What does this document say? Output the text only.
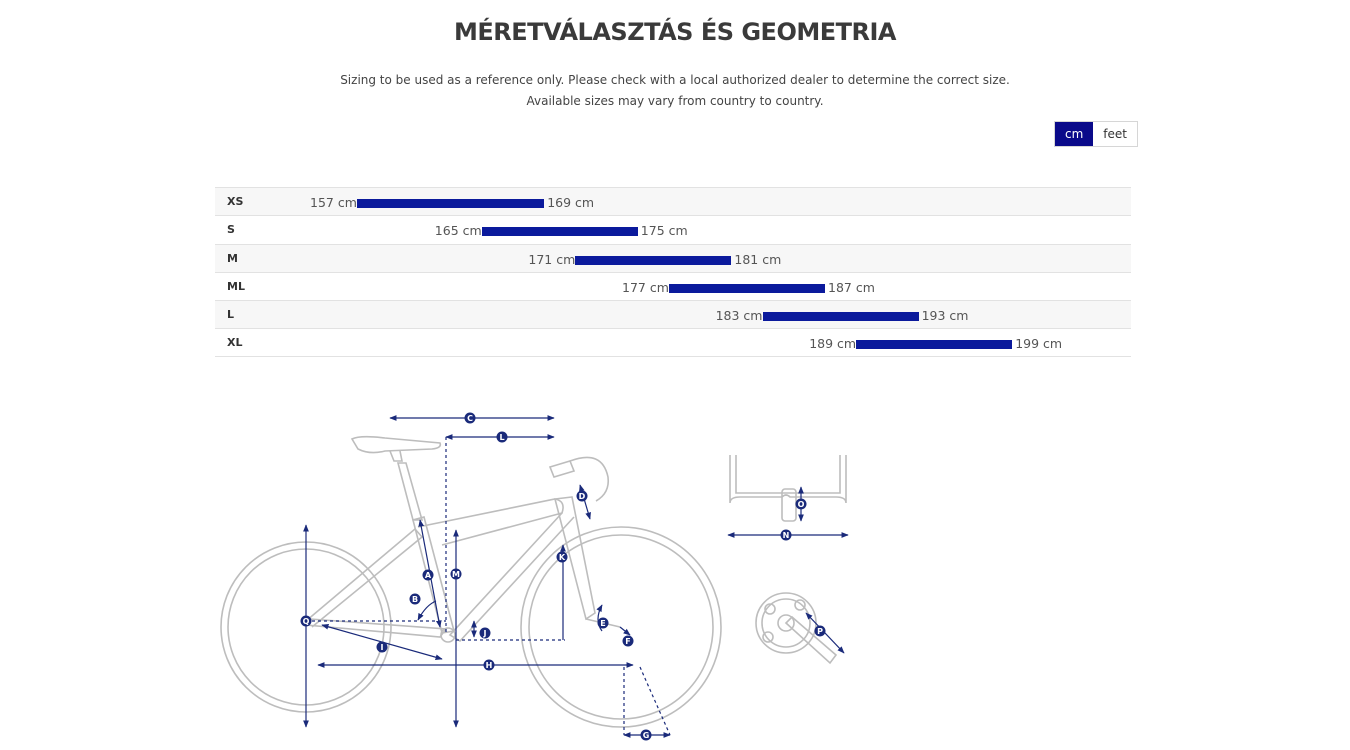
MÉRETVÁLASZTÁS ÉS GEOMETRIA
Sizing to be used as a reference only. Please check with a local authorized dealer to determine the correct size.
Available sizes may vary from country to country.
cm	feet
XS	157 cm	169 cm
S	165 cm	175 cm
M	171 cm	181 cm
ML	177 cm	187 cm
L	183 cm	193 cm
XL	189 cm	199 cm
C
L
D
K
A	M
B
Q	E
J
F
I
H
G
O
N
P
